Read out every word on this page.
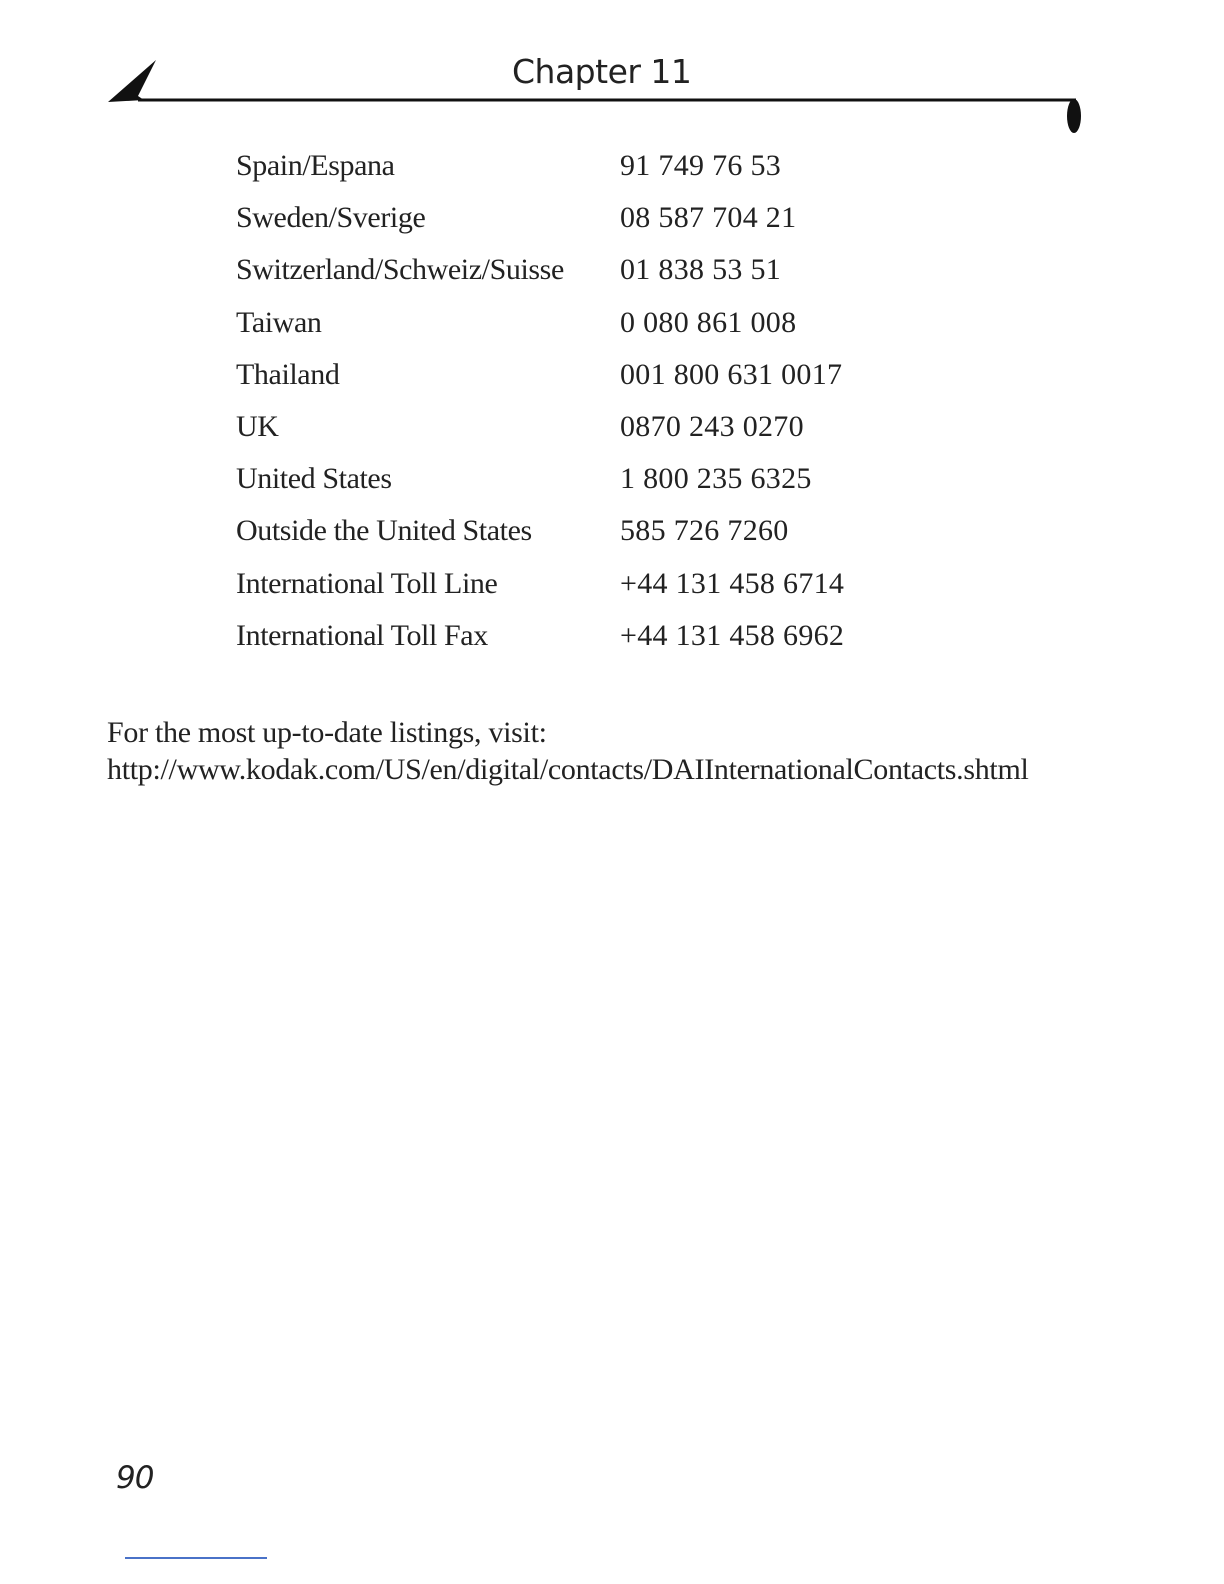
Chapter 11
Spain/Espana	91 749 76 53
Sweden/Sverige	08 587 704 21
Switzerland/Schweiz/Suisse	01 838 53 51
Taiwan	0 080 861 008
Thailand	001 800 631 0017
UK	0870 243 0270
United States	1 800 235 6325
Outside the United States	585 726 7260
International Toll Line	+44 131 458 6714
International Toll Fax	+44 131 458 6962
For the most up-to-date listings, visit:
http://www.kodak.com/US/en/digital/contacts/DAIInternationalContacts.shtml
90
